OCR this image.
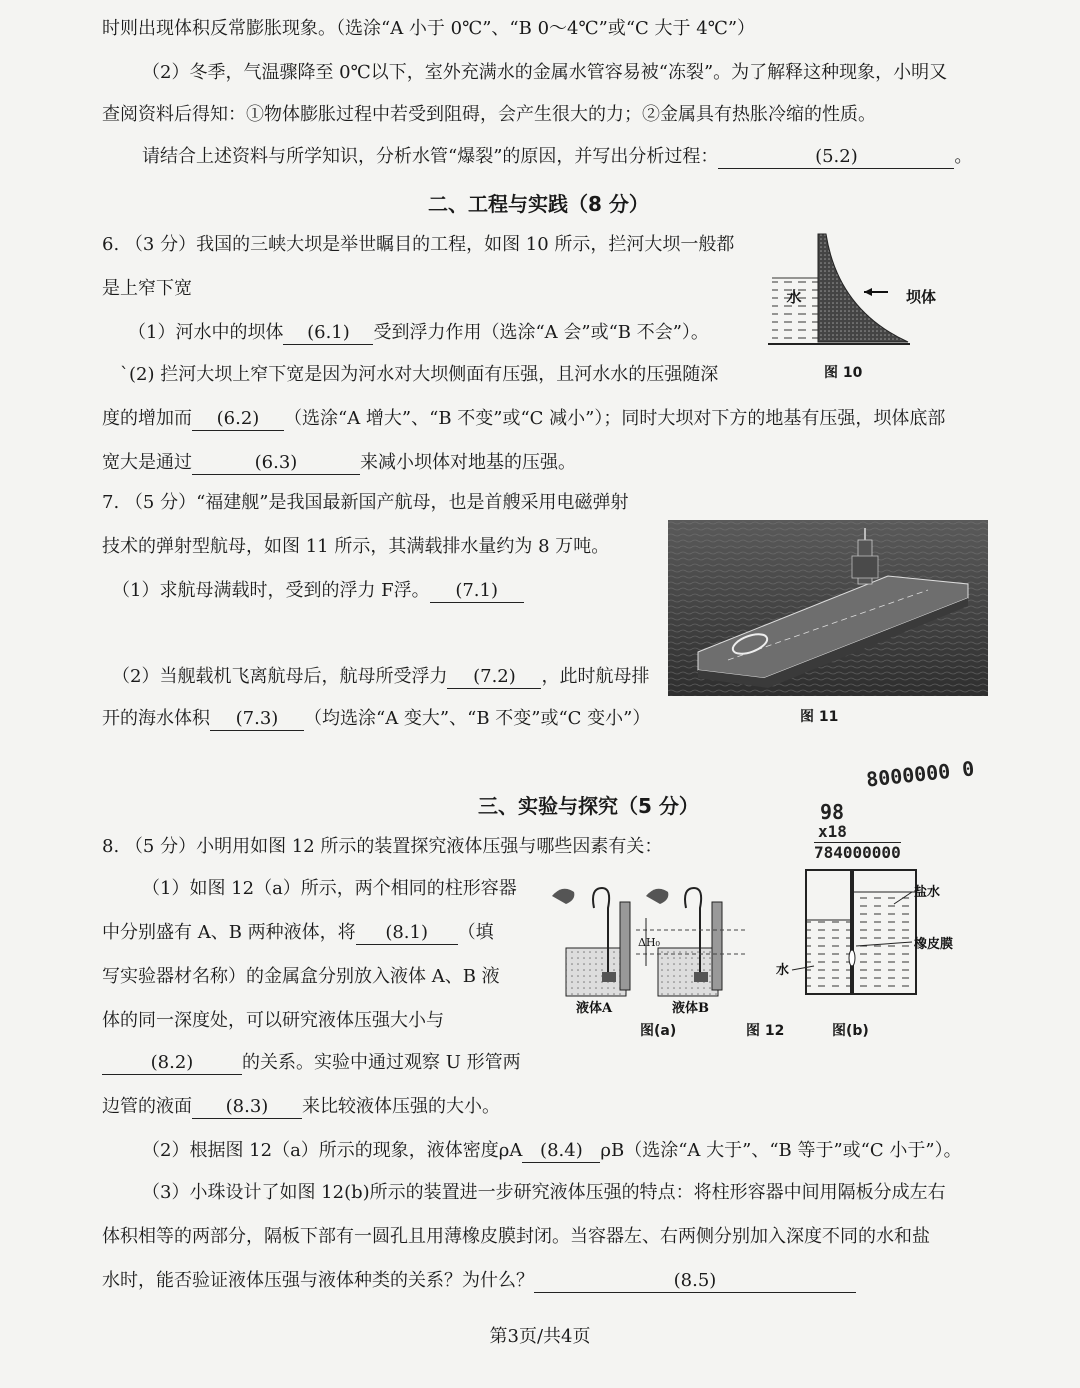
时则出现体积反常膨胀现象。（选涂“A 小于 0℃”、“B 0～4℃”或“C 大于 4℃”）
（2）冬季，气温骤降至 0℃以下，室外充满水的金属水管容易被“冻裂”。为了解释这种现象，小明又
查阅资料后得知：①物体膨胀过程中若受到阻碍，会产生很大的力；②金属具有热胀冷缩的性质。
请结合上述资料与所学知识，分析水管“爆裂”的原因，并写出分析过程：	(5.2)	。
二、工程与实践（8 分）
6. （3 分）我国的三峡大坝是举世瞩目的工程，如图 10 所示，拦河大坝一般都
是上窄下宽
（1）河水中的坝体 (6.1) 受到浮力作用（选涂“A 会”或“B 不会”）。
`(2) 拦河大坝上窄下宽是因为河水对大坝侧面有压强，且河水水的压强随深
度的增加而 (6.2) （选涂“A 增大”、“B 不变”或“C 减小”）；同时大坝对下方的地基有压强，坝体底部
宽大是通过	(6.3)	来减小坝体对地基的压强。
水	坝体
图 10
7. （5 分）“福建舰”是我国最新国产航母，也是首艘采用电磁弹射
技术的弹射型航母，如图 11 所示，其满载排水量约为 8 万吨。
（1）求航母满载时，受到的浮力 F浮。 (7.1)
（2）当舰载机飞离航母后，航母所受浮力 (7.2) ，此时航母排
开的海水体积 (7.3) （均选涂“A 变大”、“B 不变”或“C 变小”）	图 11
三、实验与探究（5 分）
8000000 0
98
x18
784000000
8. （5 分）小明用如图 12 所示的装置探究液体压强与哪些因素有关：
（1）如图 12（a）所示，两个相同的柱形容器
中分别盛有 A、B 两种液体，将 (8.1) （填
写实验器材名称）的金属盒分别放入液体 A、B 液
体的同一深度处，可以研究液体压强大小与
(8.2)	的关系。实验中通过观察 U 形管两
边管的液面 (8.3) 来比较液体压强的大小。
（2）根据图 12（a）所示的现象，液体密度ρA (8.4) ρB（选涂“A 大于”、“B 等于”或“C 小于”）。
（3）小珠设计了如图 12(b)所示的装置进一步研究液体压强的特点：将柱形容器中间用隔板分成左右
体积相等的两部分，隔板下部有一圆孔且用薄橡皮膜封闭。当容器左、右两侧分别加入深度不同的水和盐
水时，能否验证液体压强与液体种类的关系？为什么？	(8.5)
ΔH₀
液体A	液体B
图(a)	图 12
盐水
橡皮膜
水
图(b)
第3页/共4页
